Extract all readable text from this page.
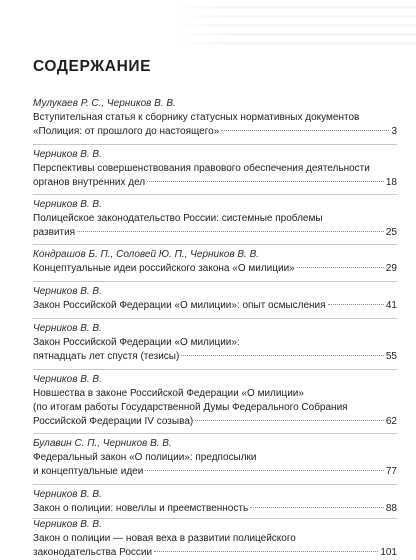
СОДЕРЖАНИЕ
Мулукаев Р. С., Черников В. В.
Вступительная статья к сборнику статусных нормативных документов
«Полиция: от прошлого до настоящего»	3
Черников В. В.
Перспективы совершенствования правового обеспечения деятельности
органов внутренних дел	18
Черников В. В.
Полицейское законодательство России: системные проблемы
развития	25
Кондрашов Б. П., Соловей Ю. П., Черников В. В.
Концептуальные идеи российского закона «О милиции»	29
Черников В. В.
Закон Российской Федерации «О милиции»: опыт осмысления	41
Черников В. В.
Закон Российской Федерации «О милиции»:
пятнадцать лет спустя (тезисы)	55
Черников В. В.
Новшества в законе Российской Федерации «О милиции»
(по итогам работы Государственной Думы Федерального Собрания
Российской Федерации IV созыва)	62
Булавин С. П., Черников В. В.
Федеральный закон «О полиции»: предпосылки
и концептуальные идеи	77
Черников В. В.
Закон о полиции: новеллы и преемственность	88
Черников В. В.
Закон о полиции — новая веха в развитии полицейского
законодательства России	101
